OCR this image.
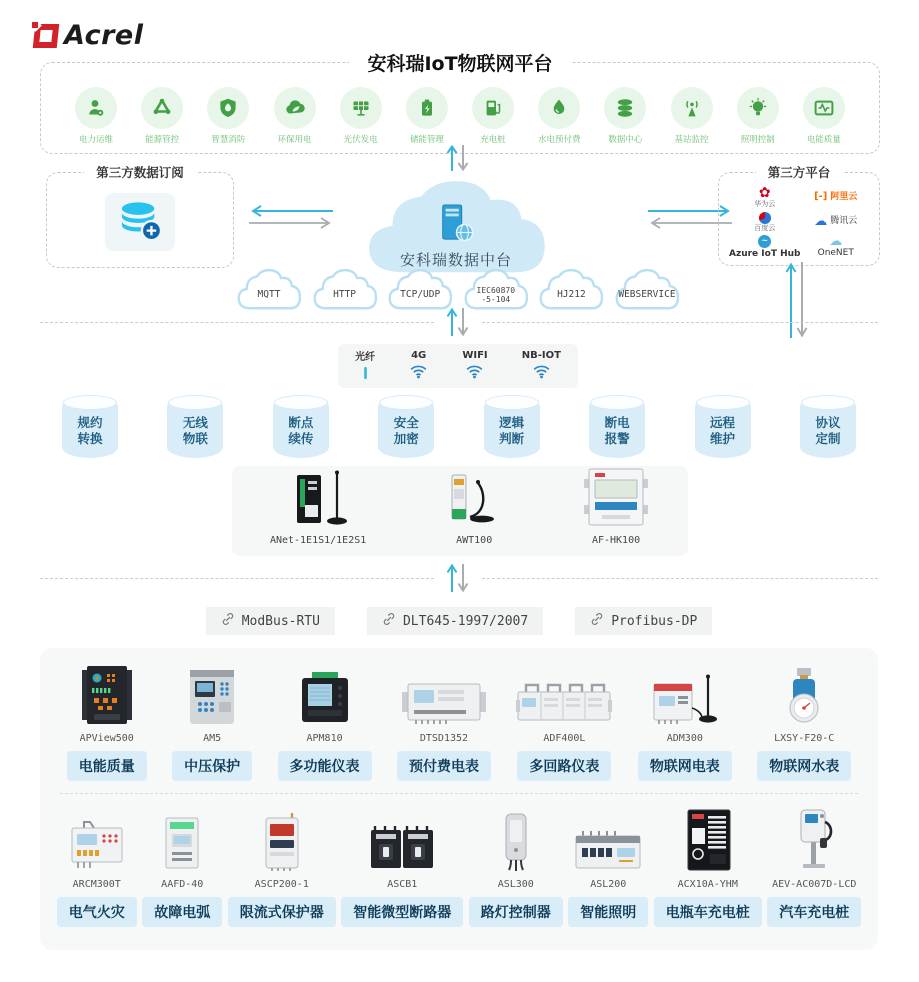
Acrel
安科瑞IoT物联网平台
电力运维	能源管控	智慧消防	环保用电	光伏发电	储能管理	充电桩	水电预付费	数据中心	基站监控	照明控制	电能质量
第三方数据订阅
安科瑞数据中台
第三方平台
✿
华为云
[-] 阿里云
百度云	☁ 腾讯云
~
Azure IoT Hub
☁
OneNET
MQTT	HTTP	TCP/UDP	IEC60870
-5-104	HJ212	WEBSERVICE
光纤	4G	WIFI	NB-IOT
规约
转换
无线
物联
断点
续传
安全
加密
逻辑
判断
断电
报警
远程
维护
协议
定制
ANet-1E1S1/1E2S1	AWT100	AF-HK100
ModBus-RTU	DLT645-1997/2007	Profibus-DP
APView500
电能质量
AM5
中压保护
APM810
多功能仪表
DTSD1352
预付费电表
ADF400L
多回路仪表
ADM300
物联网电表
LXSY-F20-C
物联网水表
ARCM300T
电气火灾
AAFD-40
故障电弧
ASCP200-1
限流式保护器
ASCB1
智能微型断路器
ASL300
路灯控制器
ASL200
智能照明
ACX10A-YHM
电瓶车充电桩
AEV-AC007D-LCD
汽车充电桩
